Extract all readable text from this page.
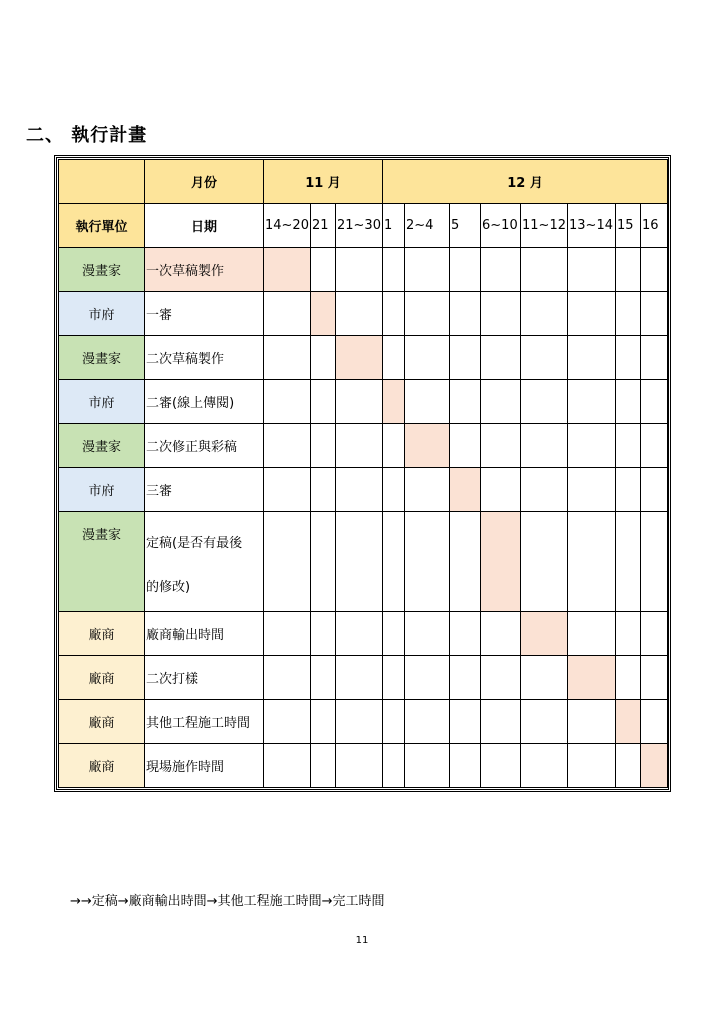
二、 執行計畫
	月份	11 月			12 月							
執行單位	日期	14~20	21	21~30	1	2~4	5	6~10	11~12	13~14	15	16
漫畫家	一次草稿製作											
市府	一審											
漫畫家	二次草稿製作											
市府	二審(線上傳閱)											
漫畫家	二次修正與彩稿											
市府	三審											
漫畫家	定稿(是否有最後
的修改)											
廠商	廠商輸出時間											
廠商	二次打樣											
廠商	其他工程施工時間											
廠商	現場施作時間											
→→定稿→廠商輸出時間→其他工程施工時間→完工時間
11
